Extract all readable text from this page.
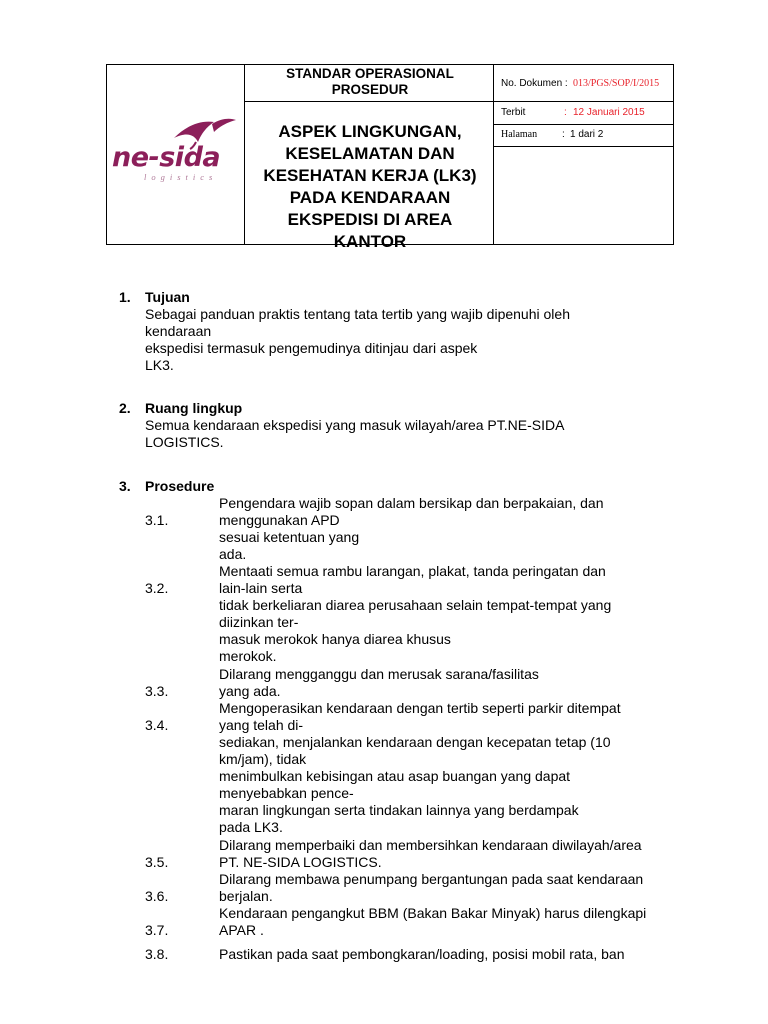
ne-sida
logistics
STANDAR OPERASIONAL PROSEDUR
ASPEK LINGKUNGAN, KESELAMATAN DAN KESEHATAN KERJA (LK3) PADA KENDARAAN EKSPEDISI DI AREA KANTOR
No. Dokumen : 013/PGS/SOP/I/2015
Terbit	: 12 Januari 2015
Halaman : 1 dari 2
1. Tujuan
Sebagai panduan praktis tentang tata tertib yang wajib dipenuhi oleh
kendaraan
ekspedisi termasuk pengemudinya ditinjau dari aspek
LK3.
2. Ruang lingkup
Semua kendaraan ekspedisi yang masuk wilayah/area PT.NE-SIDA
LOGISTICS.
3. Prosedure
3.1.
Pengendara wajib sopan dalam bersikap dan berpakaian, dan
menggunakan APD
sesuai ketentuan yang
ada.
3.2.
Mentaati semua rambu larangan, plakat, tanda peringatan dan
lain-lain serta
tidak berkeliaran diarea perusahaan selain tempat-tempat yang
diizinkan ter-
masuk merokok hanya diarea khusus
merokok.
3.3.
Dilarang mengganggu dan merusak sarana/fasilitas
yang ada.
3.4.
Mengoperasikan kendaraan dengan tertib seperti parkir ditempat
yang telah di-
sediakan, menjalankan kendaraan dengan kecepatan tetap (10
km/jam), tidak
menimbulkan kebisingan atau asap buangan yang dapat
menyebabkan pence-
maran lingkungan serta tindakan lainnya yang berdampak
pada LK3.
3.5.
Dilarang memperbaiki dan membersihkan kendaraan diwilayah/area
PT. NE-SIDA LOGISTICS.
3.6.
Dilarang membawa penumpang bergantungan pada saat kendaraan
berjalan.
3.7.
Kendaraan pengangkut BBM (Bakan Bakar Minyak) harus dilengkapi
APAR .
3.8.	Pastikan pada saat pembongkaran/loading, posisi mobil rata, ban
